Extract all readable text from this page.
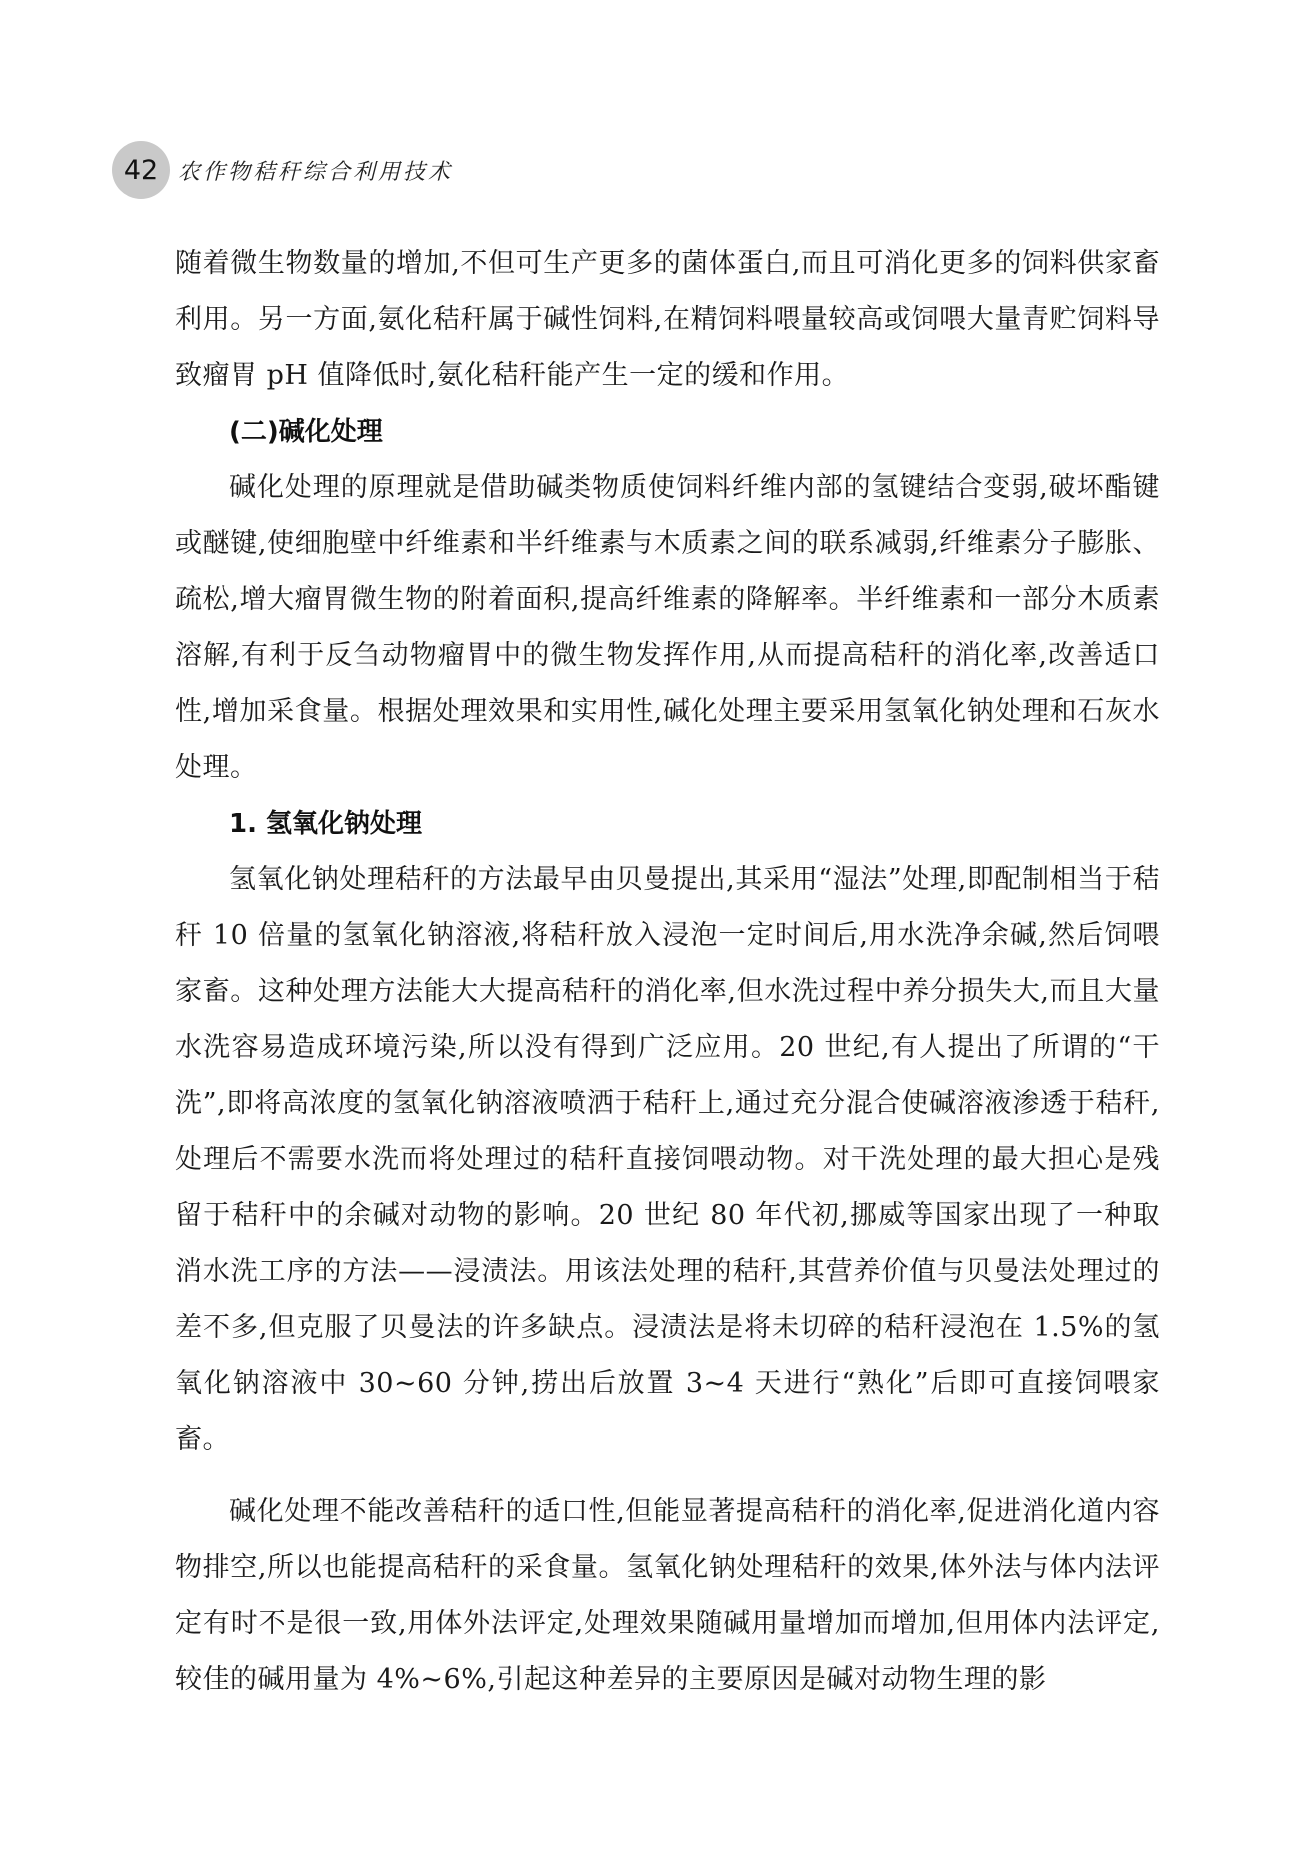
42 农作物秸秆综合利用技术

随着微生物数量的增加,不但可生产更多的菌体蛋白,而且可消化更多的饲料供家畜利用。另一方面,氨化秸秆属于碱性饲料,在精饲料喂量较高或饲喂大量青贮饲料导致瘤胃 pH 值降低时,氨化秸秆能产生一定的缓和作用。

(二)碱化处理

碱化处理的原理就是借助碱类物质使饲料纤维内部的氢键结合变弱,破坏酯键或醚键,使细胞壁中纤维素和半纤维素与木质素之间的联系减弱,纤维素分子膨胀、疏松,增大瘤胃微生物的附着面积,提高纤维素的降解率。半纤维素和一部分木质素溶解,有利于反刍动物瘤胃中的微生物发挥作用,从而提高秸秆的消化率,改善适口性,增加采食量。根据处理效果和实用性,碱化处理主要采用氢氧化钠处理和石灰水处理。

1. 氢氧化钠处理

氢氧化钠处理秸秆的方法最早由贝曼提出,其采用“湿法”处理,即配制相当于秸秆 10 倍量的氢氧化钠溶液,将秸秆放入浸泡一定时间后,用水洗净余碱,然后饲喂家畜。这种处理方法能大大提高秸秆的消化率,但水洗过程中养分损失大,而且大量水洗容易造成环境污染,所以没有得到广泛应用。20 世纪,有人提出了所谓的“干洗”,即将高浓度的氢氧化钠溶液喷洒于秸秆上,通过充分混合使碱溶液渗透于秸秆,处理后不需要水洗而将处理过的秸秆直接饲喂动物。对干洗处理的最大担心是残留于秸秆中的余碱对动物的影响。20 世纪 80 年代初,挪威等国家出现了一种取消水洗工序的方法——浸渍法。用该法处理的秸秆,其营养价值与贝曼法处理过的差不多,但克服了贝曼法的许多缺点。浸渍法是将未切碎的秸秆浸泡在 1.5%的氢氧化钠溶液中 30~60 分钟,捞出后放置 3~4 天进行“熟化”后即可直接饲喂家畜。

碱化处理不能改善秸秆的适口性,但能显著提高秸秆的消化率,促进消化道内容物排空,所以也能提高秸秆的采食量。氢氧化钠处理秸秆的效果,体外法与体内法评定有时不是很一致,用体外法评定,处理效果随碱用量增加而增加,但用体内法评定,较佳的碱用量为 4%~6%,引起这种差异的主要原因是碱对动物生理的影
